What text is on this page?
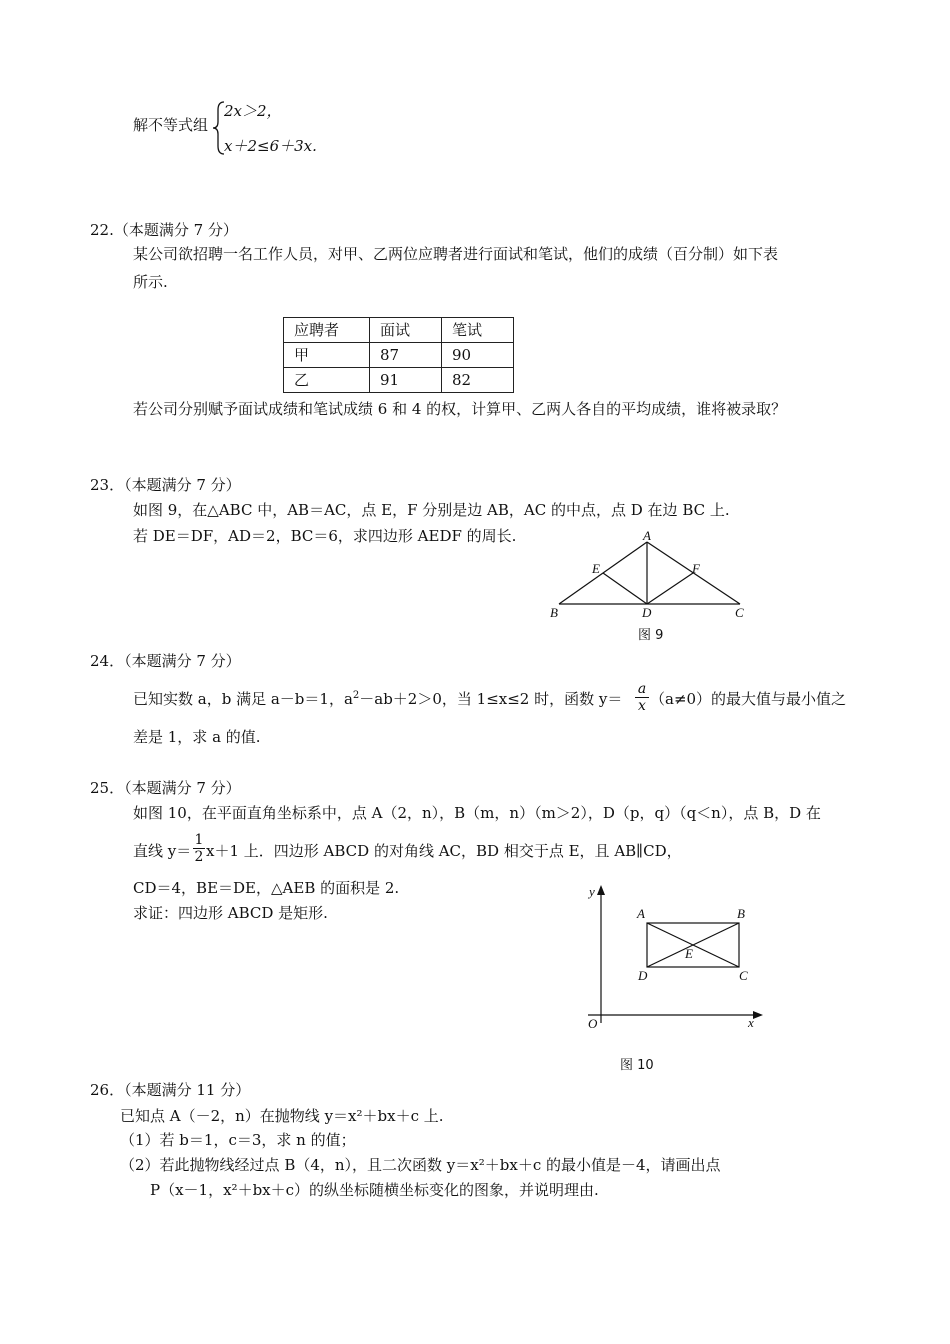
解不等式组
2x＞2，
x＋2≤6＋3x.
22.（本题满分 7 分）
某公司欲招聘一名工作人员，对甲、乙两位应聘者进行面试和笔试，他们的成绩（百分制）如下表
所示.
应聘者	面试	笔试
甲	87	90
乙	91	82
若公司分别赋予面试成绩和笔试成绩 6 和 4 的权，计算甲、乙两人各自的平均成绩，谁将被录取？
23．（本题满分 7 分）
如图 9，在△ABC 中，AB＝AC，点 E，F 分别是边 AB，AC 的中点，点 D 在边 BC 上.
若 DE＝DF，AD＝2，BC＝6，求四边形 AEDF 的周长.	A
E	F
B	D	C
图 9
24．（本题满分 7 分）
已知实数 a，b 满足 a－b＝1，$a^2-ab+2>0$，当 1≤x≤2 时，函数 $y= \frac{a}{x} (a\ne 0)$的最大值与最小值之
差是 1，求 a 的值.
25．（本题满分 7 分）
如图 10，在平面直角坐标系中，点 A（2，n），B（m，n）（m＞2），D（p，q）（q＜n），点 B，D 在
直线 $y= \frac{1}{2} x+1$ 上．四边形 ABCD 的对角线 AC，BD 相交于点 E，且 AB∥CD，
CD＝4，BE＝DE，△AEB 的面积是 2.
求证：四边形 ABCD 是矩形.
y
x
O
A	B
D	C
E
图 10
26．（本题满分 11 分）
已知点 A（－2，n）在抛物线 y＝x²＋bx＋c 上.
（1）若 b＝1，c＝3，求 n 的值；
（2）若此抛物线经过点 B（4，n），且二次函数 y＝x²＋bx＋c 的最小值是－4，请画出点
P（x－1，x²＋bx＋c）的纵坐标随横坐标变化的图象，并说明理由.
